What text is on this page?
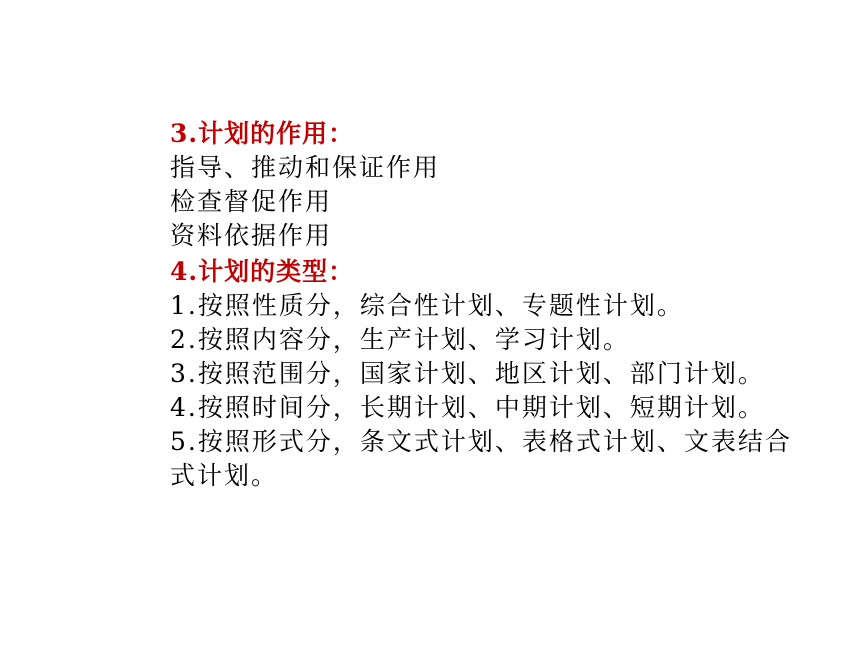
3.计划的作用：

指导、推动和保证作用

检查督促作用

资料依据作用

4.计划的类型：

1.按照性质分，综合性计划、专题性计划。

2.按照内容分，生产计划、学习计划。

3.按照范围分，国家计划、地区计划、部门计划。

4.按照时间分，长期计划、中期计划、短期计划。

5.按照形式分，条文式计划、表格式计划、文表结合式计划。
